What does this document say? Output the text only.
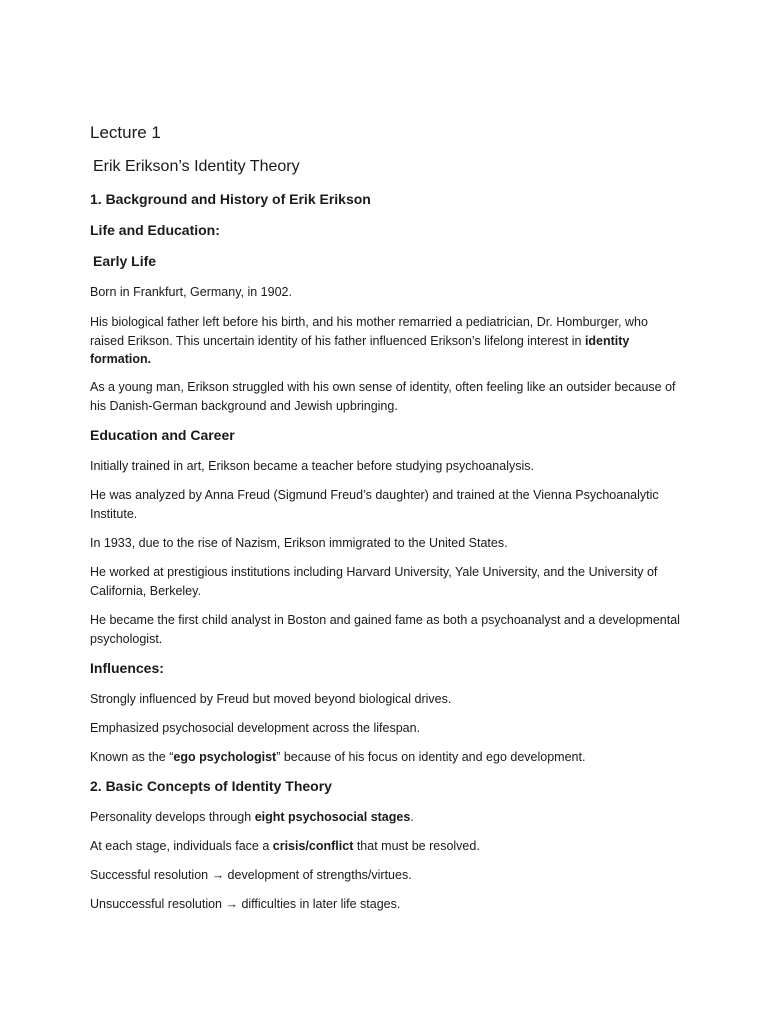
Lecture 1
Erik Erikson’s Identity Theory
1. Background and History of Erik Erikson
Life and Education:
Early Life
Born in Frankfurt, Germany, in 1902.
His biological father left before his birth, and his mother remarried a pediatrician, Dr. Homburger, who raised Erikson. This uncertain identity of his father influenced Erikson’s lifelong interest in identity formation.
As a young man, Erikson struggled with his own sense of identity, often feeling like an outsider because of his Danish-German background and Jewish upbringing.
Education and Career
Initially trained in art, Erikson became a teacher before studying psychoanalysis.
He was analyzed by Anna Freud (Sigmund Freud’s daughter) and trained at the Vienna Psychoanalytic Institute.
In 1933, due to the rise of Nazism, Erikson immigrated to the United States.
He worked at prestigious institutions including Harvard University, Yale University, and the University of California, Berkeley.
He became the first child analyst in Boston and gained fame as both a psychoanalyst and a developmental psychologist.
Influences:
Strongly influenced by Freud but moved beyond biological drives.
Emphasized psychosocial development across the lifespan.
Known as the “ego psychologist” because of his focus on identity and ego development.
2. Basic Concepts of Identity Theory
Personality develops through eight psychosocial stages.
At each stage, individuals face a crisis/conflict that must be resolved.
Successful resolution → development of strengths/virtues.
Unsuccessful resolution → difficulties in later life stages.
